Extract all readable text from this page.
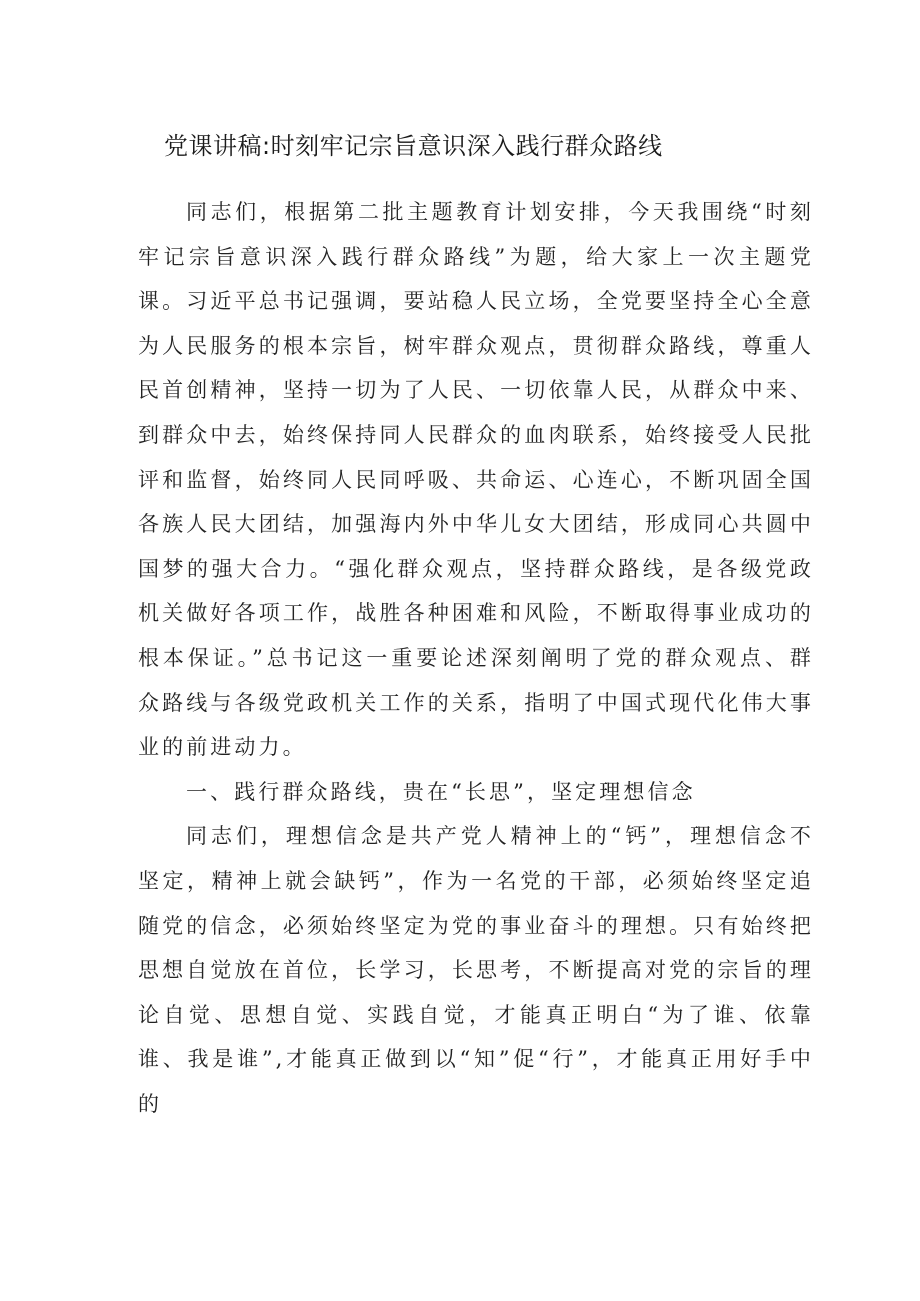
党课讲稿:时刻牢记宗旨意识深入践行群众路线

同志们，根据第二批主题教育计划安排，今天我围绕“时刻牢记宗旨意识深入践行群众路线”为题，给大家上一次主题党课。习近平总书记强调，要站稳人民立场，全党要坚持全心全意为人民服务的根本宗旨，树牢群众观点，贯彻群众路线，尊重人民首创精神，坚持一切为了人民、一切依靠人民，从群众中来、到群众中去，始终保持同人民群众的血肉联系，始终接受人民批评和监督，始终同人民同呼吸、共命运、心连心，不断巩固全国各族人民大团结，加强海内外中华儿女大团结，形成同心共圆中国梦的强大合力。“强化群众观点，坚持群众路线，是各级党政机关做好各项工作，战胜各种困难和风险，不断取得事业成功的根本保证。”总书记这一重要论述深刻阐明了党的群众观点、群众路线与各级党政机关工作的关系，指明了中国式现代化伟大事业的前进动力。

一、践行群众路线，贵在“长思”，坚定理想信念

同志们，理想信念是共产党人精神上的“钙”，理想信念不坚定，精神上就会缺钙”，作为一名党的干部，必须始终坚定追随党的信念，必须始终坚定为党的事业奋斗的理想。只有始终把思想自觉放在首位，长学习，长思考，不断提高对党的宗旨的理论自觉、思想自觉、实践自觉，才能真正明白“为了谁、依靠谁、我是谁”,才能真正做到以“知”促“行”，才能真正用好手中的
